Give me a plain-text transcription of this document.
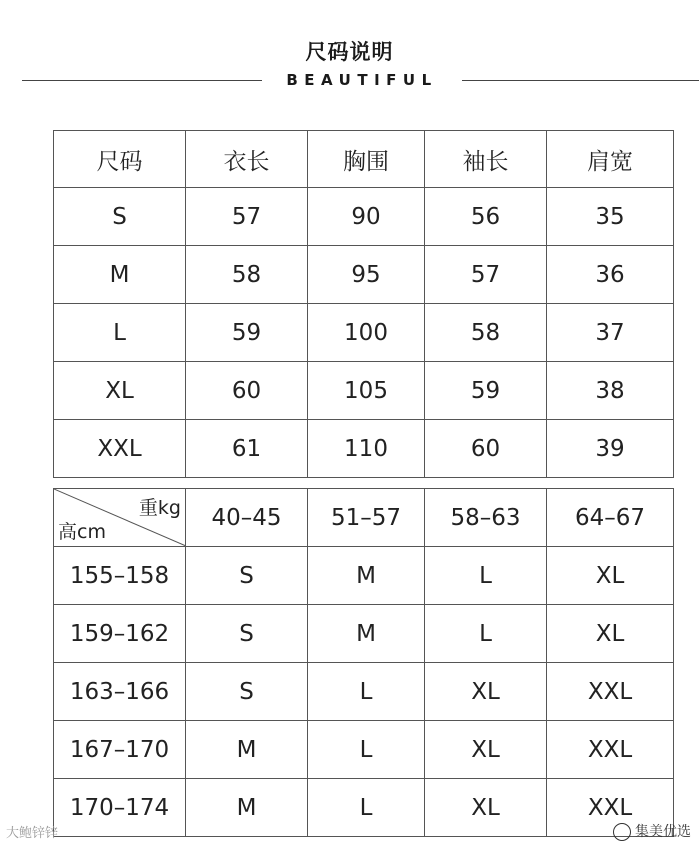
尺码说明
BEAUTIFUL
尺码	衣长	胸围	袖长	肩宽
S	57	90	56	35
M	58	95	57	36
L	59	100	58	37
XL	60	105	59	38
XXL	61	110	60	39
重kg
高cm	40–45	51–57	58–63	64–67
155–158	S	M	L	XL
159–162	S	M	L	XL
163–166	S	L	XL	XXL
167–170	M	L	XL	XXL
170–174	M	L	XL	XXL
大鲍锌锌	集美优选
